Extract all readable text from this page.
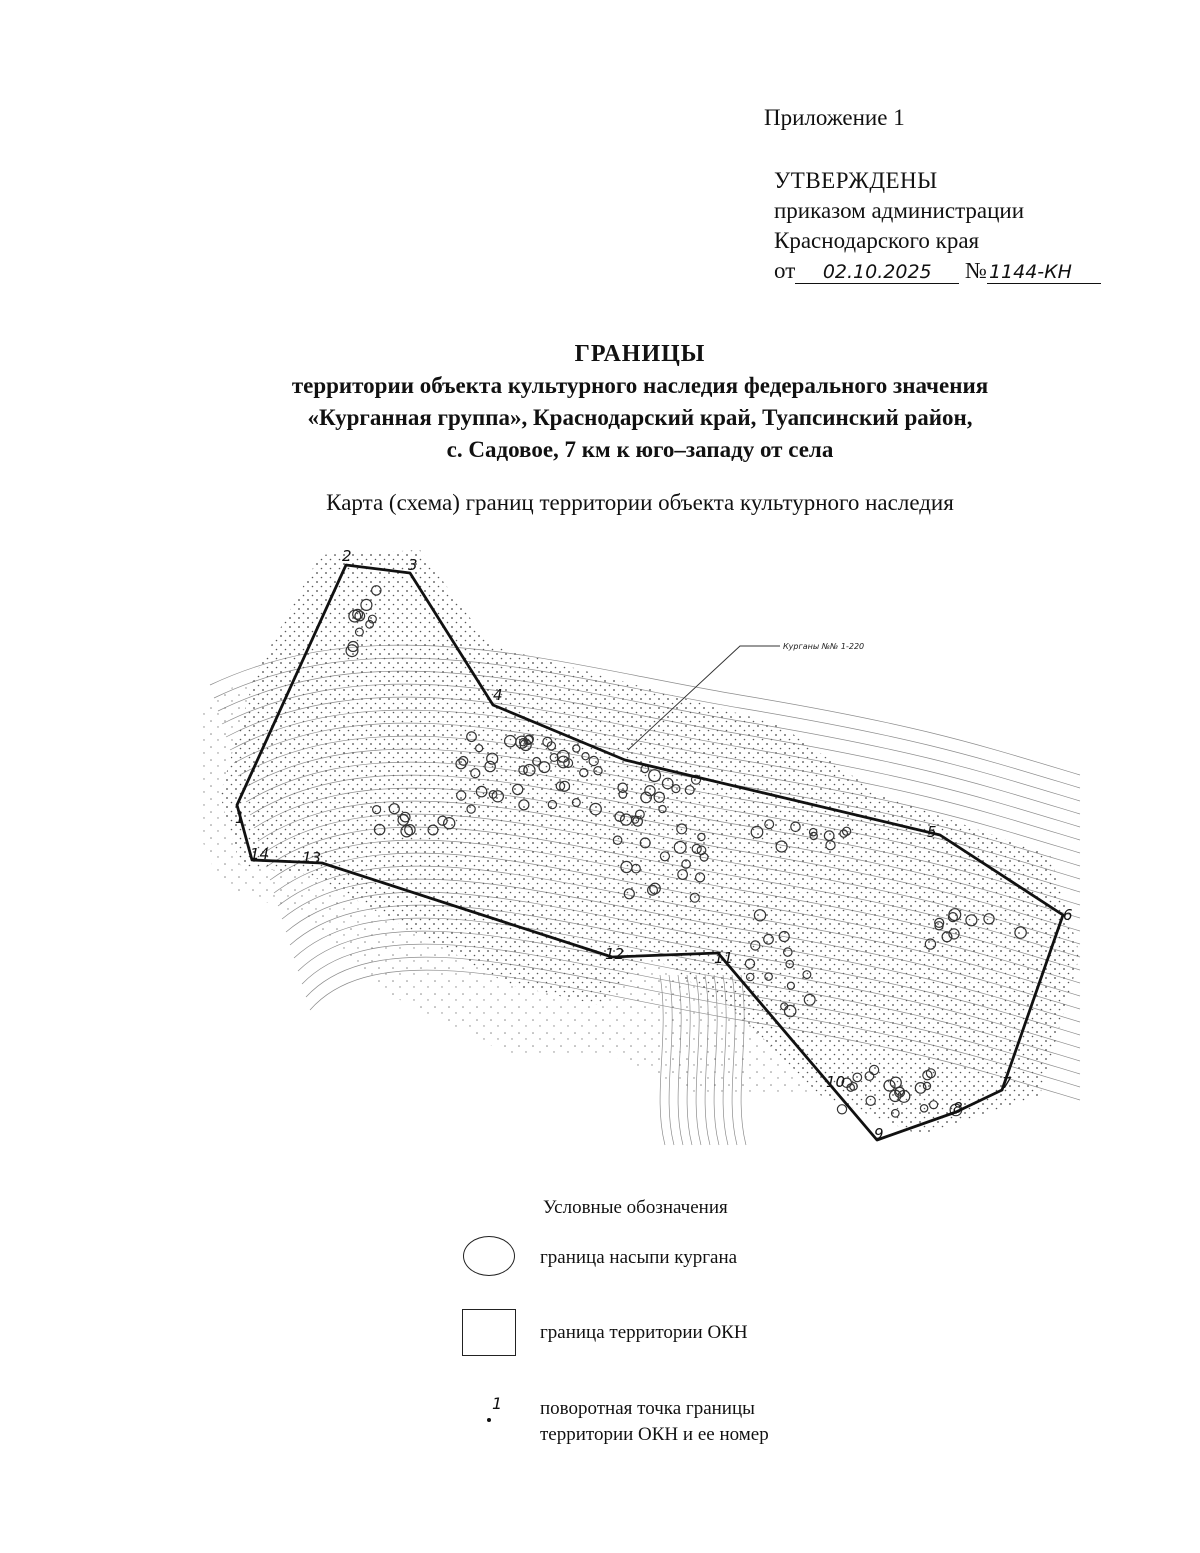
Приложение 1
УТВЕРЖДЕНЫ
приказом администрации
Краснодарского края
от 02.10.2025 № 1144-КН
ГРАНИЦЫ
территории объекта культурного наследия федерального значения
«Курганная группа», Краснодарский край, Туапсинский район,
с. Садовое, 7 км к юго–западу от села
Карта (схема) границ территории объекта культурного наследия
Курганы №№ 1-220
1
2	3
4
5
6
7
8
9
10
11
12
13
14
Условные обозначения
граница насыпи кургана
граница территории ОКН
1 поворотная точка границы
территории ОКН и ее номер
